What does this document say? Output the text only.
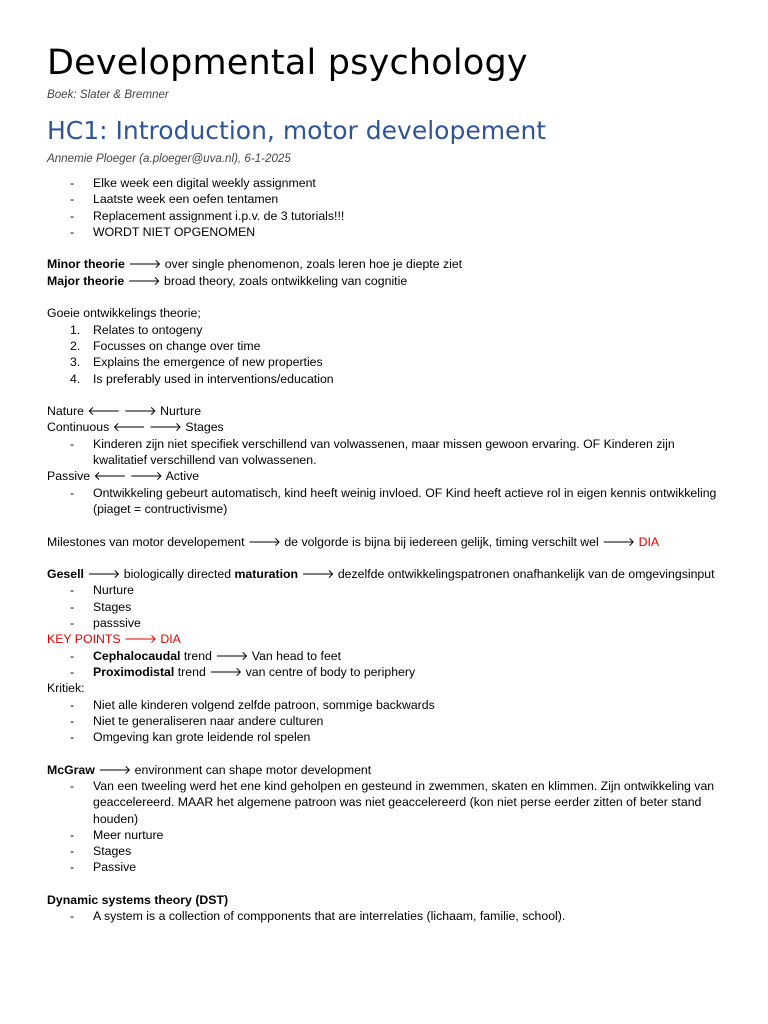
Developmental psychology
Boek: Slater & Bremner
HC1: Introduction, motor developement
Annemie Ploeger (a.ploeger@uva.nl), 6-1-2025
-	Elke week een digital weekly assignment
-	Laatste week een oefen tentamen
-	Replacement assignment i.p.v. de 3 tutorials!!!
-	WORDT NIET OPGENOMEN
Minor theorie 🡒 over single phenomenon, zoals leren hoe je diepte ziet
Major theorie 🡒 broad theory, zoals ontwikkeling van cognitie
Goeie ontwikkelings theorie;
1.	Relates to ontogeny
2.	Focusses on change over time
3.	Explains the emergence of new properties
4.	Is preferably used in interventions/education
Nature 🡐 🡒 Nurture
Continuous 🡐 🡒 Stages
-	Kinderen zijn niet specifiek verschillend van volwassenen, maar missen gewoon ervaring. OF Kinderen zijn kwalitatief verschillend van volwassenen.
Passive 🡐 🡒 Active
-	Ontwikkeling gebeurt automatisch, kind heeft weinig invloed. OF Kind heeft actieve rol in eigen kennis ontwikkeling (piaget = contructivisme)
Milestones van motor developement 🡒 de volgorde is bijna bij iedereen gelijk, timing verschilt wel 🡒 DIA
Gesell 🡒 biologically directed maturation 🡒 dezelfde ontwikkelingspatronen onafhankelijk van de omgevingsinput
-	Nurture
-	Stages
-	passsive
KEY POINTS 🡒 DIA
-	Cephalocaudal trend 🡒 Van head to feet
-	Proximodistal trend 🡒 van centre of body to periphery
Kritiek:
-	Niet alle kinderen volgend zelfde patroon, sommige backwards
-	Niet te generaliseren naar andere culturen
-	Omgeving kan grote leidende rol spelen
McGraw 🡒 environment can shape motor development
-	Van een tweeling werd het ene kind geholpen en gesteund in zwemmen, skaten en klimmen. Zijn ontwikkeling van geaccelereerd. MAAR het algemene patroon was niet geaccelereerd (kon niet perse eerder zitten of beter stand houden)
-	Meer nurture
-	Stages
-	Passive
Dynamic systems theory (DST)
-	A system is a collection of compponents that are interrelaties (lichaam, familie, school).
